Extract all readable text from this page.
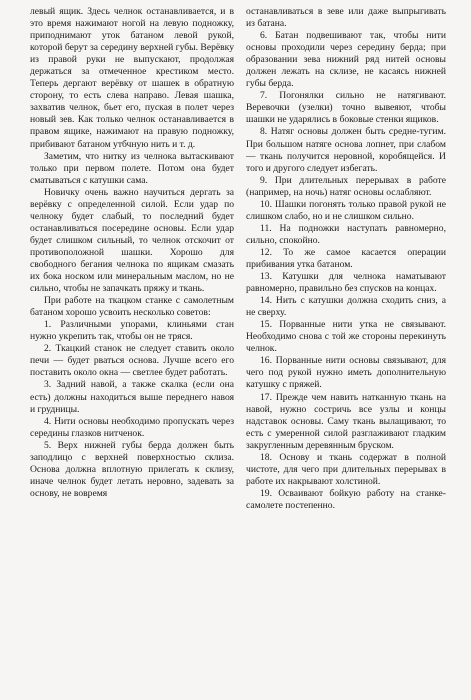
левый ящик. Здесь челнок останавливается, и в это время нажимают ногой на левую подножку, приподнимают уток батаном левой рукой, которой берут за середину верхней губы. Верёвку из правой руки не выпускают, продолжая держаться за отмеченное крестиком место. Теперь дергают верёвку от шашек в обратную сторону, то есть слева направо. Левая шашка, захватив челнок, бьет его, пуская в полет через новый зев. Как только челнок останавливается в правом ящике, нажимают на правую подножку, прибивают батаном утбчную нить и т. д.

Заметим, что нитку из челнока вытаскивают только при первом полете. Потом она будет сматываться с катушки сама.

Новичку очень важно научиться дергать за верёвку с определенной силой. Если удар по челноку будет слабый, то последний будет останавливаться посередине основы. Если удар будет слишком сильный, то челнок отскочит от противоположной шашки. Хорошо для свободного бегания челнока по ящикам смазать их бока носком или минеральным маслом, но не сильно, чтобы не запачкать пряжу и ткань.

При работе на ткацком станке с самолетным батаном хорошо усвоить несколько советов:

1. Различными упорами, клиньями стан нужно укрепить так, чтобы он не тряся.

2. Ткацкий станок не следует ставить около печи — будет рваться основа. Лучше всего его поставить около окна — светлее будет работать.

3. Задний навой, а также скалка (если она есть) должны находиться выше переднего навоя и грудницы.

4. Нити основы необходимо пропускать через середины глазков нитченок.

5. Верх нижней губы берда должен быть заподлицо с верхней поверхностью склиза. Основа должна вплотную прилегать к склизу, иначе челнок будет летать неровно, задевать за основу, не вовремя

останавливаться в зеве или даже выпрыгивать из батана.

6. Батан подвешивают так, чтобы нити основы проходили через середину берда; при образовании зева нижний ряд нитей основы должен лежать на склизе, не касаясь нижней губы берда.

7. Погонялки сильно не натягивают. Веревочки (узелки) точно вывеяют, чтобы шашки не ударялись в боковые стенки ящиков.

8. Натяг основы должен быть средне-тугим. При большом натяге основа лопнет, при слабом — ткань получится неровной, коробящейся. И того и другого следует избегать.

9. При длительных перерывах в работе (например, на ночь) натяг основы ослабляют.

10. Шашки погонять только правой рукой не слишком слабо, но и не слишком сильно.

11. На подножки наступать равномерно, сильно, спокойно.

12. То же самое касается операции прибивания утка батаном.

13. Катушки для челнока наматывают равномерно, правильно без спусков на концах.

14. Нить с катушки должна сходить сниз, а не сверху.

15. Порванные нити утка не связывают. Необходимо снова с той же стороны перекинуть челнок.

16. Порванные нити основы связывают, для чего под рукой нужно иметь дополнительную катушку с пряжей.

17. Прежде чем навить натканную ткань на навой, нужно состричь все узлы и концы надставок основы. Саму ткань вылащивают, то есть с умеренной силой разглаживают гладким закругленным деревянным бруском.

18. Основу и ткань содержат в полной чистоте, для чего при длительных перерывах в работе их накрывают холстиной.

19. Осваивают бойкую работу на станке-самолете постепенно.
